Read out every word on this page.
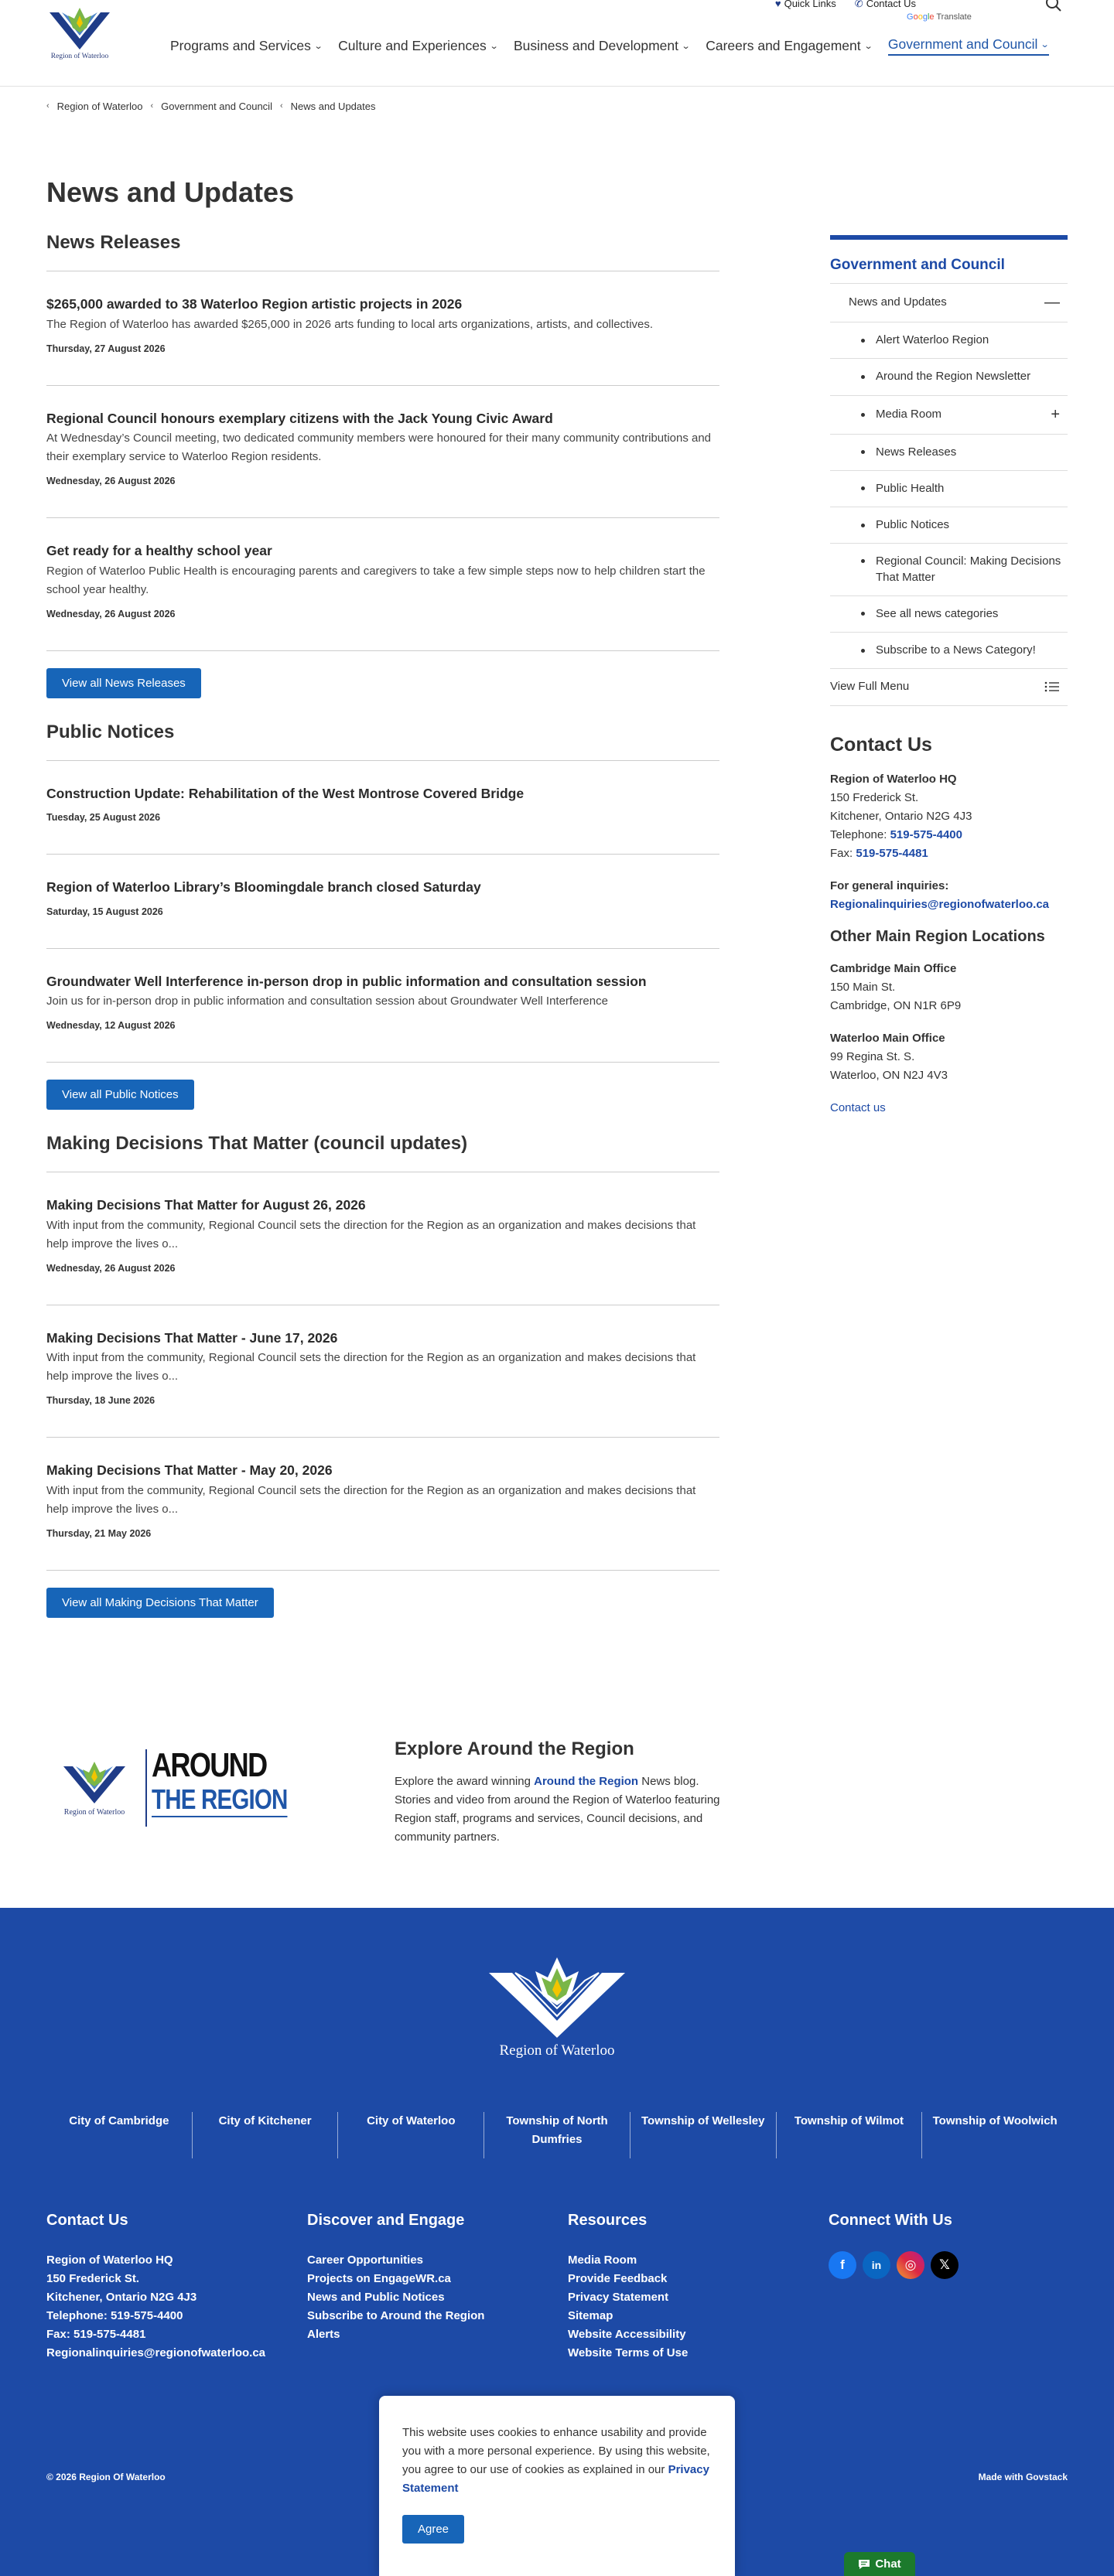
Region of Waterloo
♥ Quick Links ✆ Contact Us
Google Translate
Programs and Services ⌄ Culture and Experiences ⌄ Business and Development ⌄ Careers and Engagement ⌄ Government and Council ⌄
‹ Region of Waterloo ‹ Government and Council ‹ News and Updates
News and Updates
News Releases
$265,000 awarded to 38 Waterloo Region artistic projects in 2026
The Region of Waterloo has awarded $265,000 in 2026 arts funding to local arts organizations, artists, and collectives.
Thursday, 27 August 2026
Regional Council honours exemplary citizens with the Jack Young Civic Award
At Wednesday’s Council meeting, two dedicated community members were honoured for their many community contributions and their exemplary service to Waterloo Region residents.
Wednesday, 26 August 2026
Get ready for a healthy school year
Region of Waterloo Public Health is encouraging parents and caregivers to take a few simple steps now to help children start the school year healthy.
Wednesday, 26 August 2026
View all News Releases
Public Notices
Construction Update: Rehabilitation of the West Montrose Covered Bridge
Tuesday, 25 August 2026
Region of Waterloo Library’s Bloomingdale branch closed Saturday
Saturday, 15 August 2026
Groundwater Well Interference in-person drop in public information and consultation session
Join us for in-person drop in public information and consultation session about Groundwater Well Interference
Wednesday, 12 August 2026
View all Public Notices
Making Decisions That Matter (council updates)
Making Decisions That Matter for August 26, 2026
With input from the community, Regional Council sets the direction for the Region as an organization and makes decisions that help improve the lives o...
Wednesday, 26 August 2026
Making Decisions That Matter - June 17, 2026
With input from the community, Regional Council sets the direction for the Region as an organization and makes decisions that help improve the lives o...
Thursday, 18 June 2026
Making Decisions That Matter - May 20, 2026
With input from the community, Regional Council sets the direction for the Region as an organization and makes decisions that help improve the lives o...
Thursday, 21 May 2026
View all Making Decisions That Matter
Government and Council
News and Updates	—
Alert Waterloo Region
Around the Region Newsletter
Media Room	+
News Releases
Public Health
Public Notices
Regional Council: Making Decisions That Matter
See all news categories
Subscribe to a News Category!
View Full Menu
Contact Us
Region of Waterloo HQ
150 Frederick St.
Kitchener, Ontario N2G 4J3
Telephone: 519-575-4400
Fax: 519-575-4481
For general inquiries:
Regionalinquiries@regionofwaterloo.ca
Other Main Region Locations
Cambridge Main Office
150 Main St.
Cambridge, ON N1R 6P9
Waterloo Main Office
99 Regina St. S.
Waterloo, ON N2J 4V3
Contact us
Region of Waterloo
AROUND
THE REGION
Explore Around the Region

Explore the award winning Around the Region News blog. Stories and video from around the Region of Waterloo featuring Region staff, programs and services, Council decisions, and community partners.

Region of Waterloo
City of Cambridge	City of Kitchener	City of Waterloo	Township of North Dumfries
Township of Wellesley	Township of Wilmot	Township of Woolwich
Contact Us
Region of Waterloo HQ
150 Frederick St.
Kitchener, Ontario N2G 4J3
Telephone: 519-575-4400
Fax: 519-575-4481
Regionalinquiries@regionofwaterloo.ca
Discover and Engage
Career Opportunities
Projects on EngageWR.ca
News and Public Notices
Subscribe to Around the Region
Alerts
Resources
Media Room
Provide Feedback
Privacy Statement
Sitemap
Website Accessibility
Website Terms of Use
Connect With Us
f	in	◎	𝕏
© 2026 Region Of Waterloo	Made with Govstack

This website uses cookies to enhance usability and provide you with a more personal experience. By using this website, you agree to our use of cookies as explained in our Privacy Statement

Agree
Chat
